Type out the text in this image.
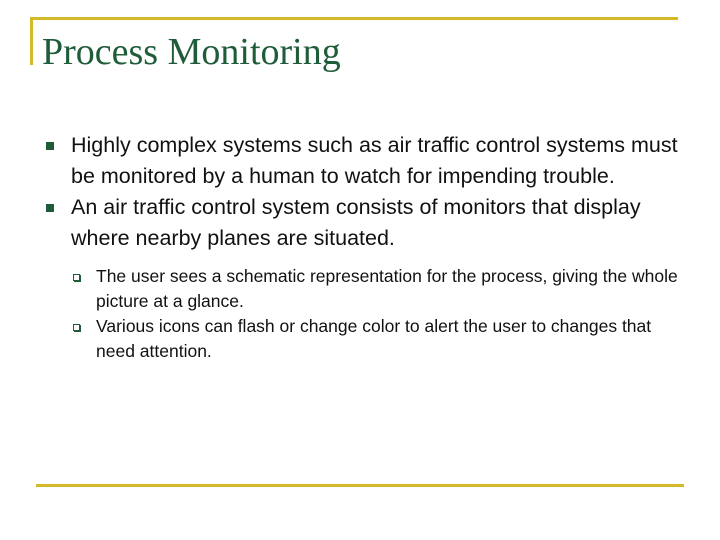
Process Monitoring
Highly complex systems such as air traffic control systems must be monitored by a human to watch for impending trouble.
An air traffic control system consists of monitors that display where nearby planes are situated.
The user sees a schematic representation for the process, giving the whole picture at a glance.
Various icons can flash or change color to alert the user to changes that need attention.
